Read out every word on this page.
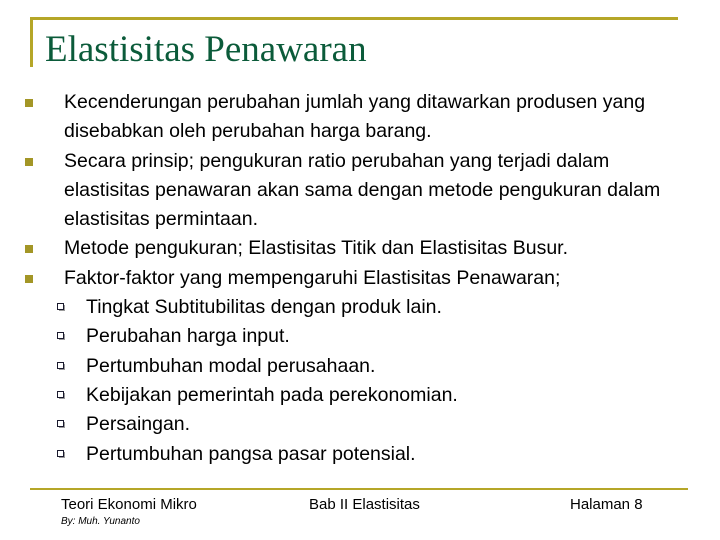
Elastisitas Penawaran
Kecenderungan perubahan jumlah yang ditawarkan produsen yang disebabkan oleh perubahan harga barang.
Secara prinsip; pengukuran ratio perubahan yang terjadi dalam elastisitas penawaran akan sama dengan metode pengukuran dalam elastisitas permintaan.
Metode pengukuran; Elastisitas Titik dan Elastisitas Busur.
Faktor-faktor yang mempengaruhi Elastisitas Penawaran;
Tingkat Subtitubilitas dengan produk lain.
Perubahan harga input.
Pertumbuhan modal perusahaan.
Kebijakan pemerintah pada perekonomian.
Persaingan.
Pertumbuhan pangsa pasar potensial.
Teori Ekonomi Mikro
By: Muh. Yunanto
Bab II Elastisitas	Halaman 8
